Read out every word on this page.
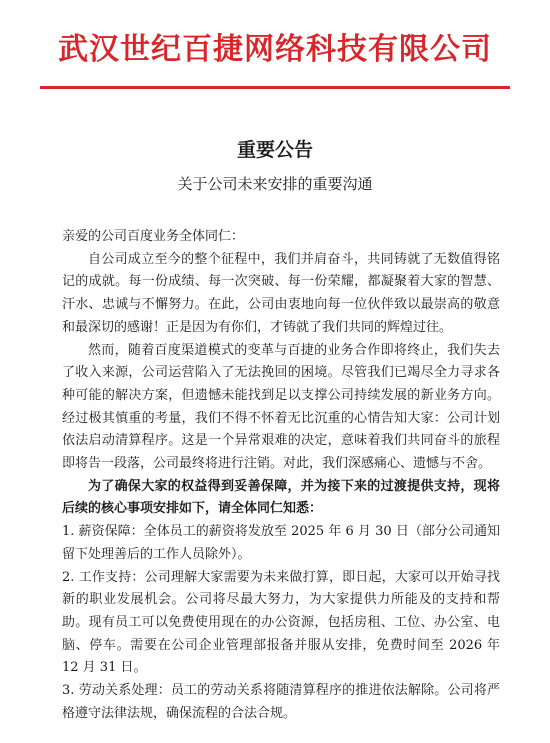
武汉世纪百捷网络科技有限公司
重要公告
关于公司未来安排的重要沟通

亲爱的公司百度业务全体同仁：

自公司成立至今的整个征程中，我们并肩奋斗，共同铸就了无数值得铭记的成就。每一份成绩、每一次突破、每一份荣耀，都凝聚着大家的智慧、汗水、忠诚与不懈努力。在此，公司由衷地向每一位伙伴致以最崇高的敬意和最深切的感谢！正是因为有你们，才铸就了我们共同的辉煌过往。

然而，随着百度渠道模式的变革与百捷的业务合作即将终止，我们失去了收入来源，公司运营陷入了无法挽回的困境。尽管我们已竭尽全力寻求各种可能的解决方案，但遗憾未能找到足以支撑公司持续发展的新业务方向。经过极其慎重的考量，我们不得不怀着无比沉重的心情告知大家：公司计划依法启动清算程序。这是一个异常艰难的决定，意味着我们共同奋斗的旅程即将告一段落，公司最终将进行注销。对此，我们深感痛心、遗憾与不舍。

为了确保大家的权益得到妥善保障，并为接下来的过渡提供支持，现将后续的核心事项安排如下，请全体同仁知悉：

1. 薪资保障：全体员工的薪资将发放至 2025 年 6 月 30 日（部分公司通知留下处理善后的工作人员除外）。

2. 工作支持：公司理解大家需要为未来做打算，即日起，大家可以开始寻找新的职业发展机会。公司将尽最大努力，为大家提供力所能及的支持和帮助。现有员工可以免费使用现在的办公资源，包括房租、工位、办公室、电脑、停车。需要在公司企业管理部报备并服从安排，免费时间至 2026 年 12 月 31 日。

3. 劳动关系处理：员工的劳动关系将随清算程序的推进依法解除。公司将严格遵守法律法规，确保流程的合法合规。
